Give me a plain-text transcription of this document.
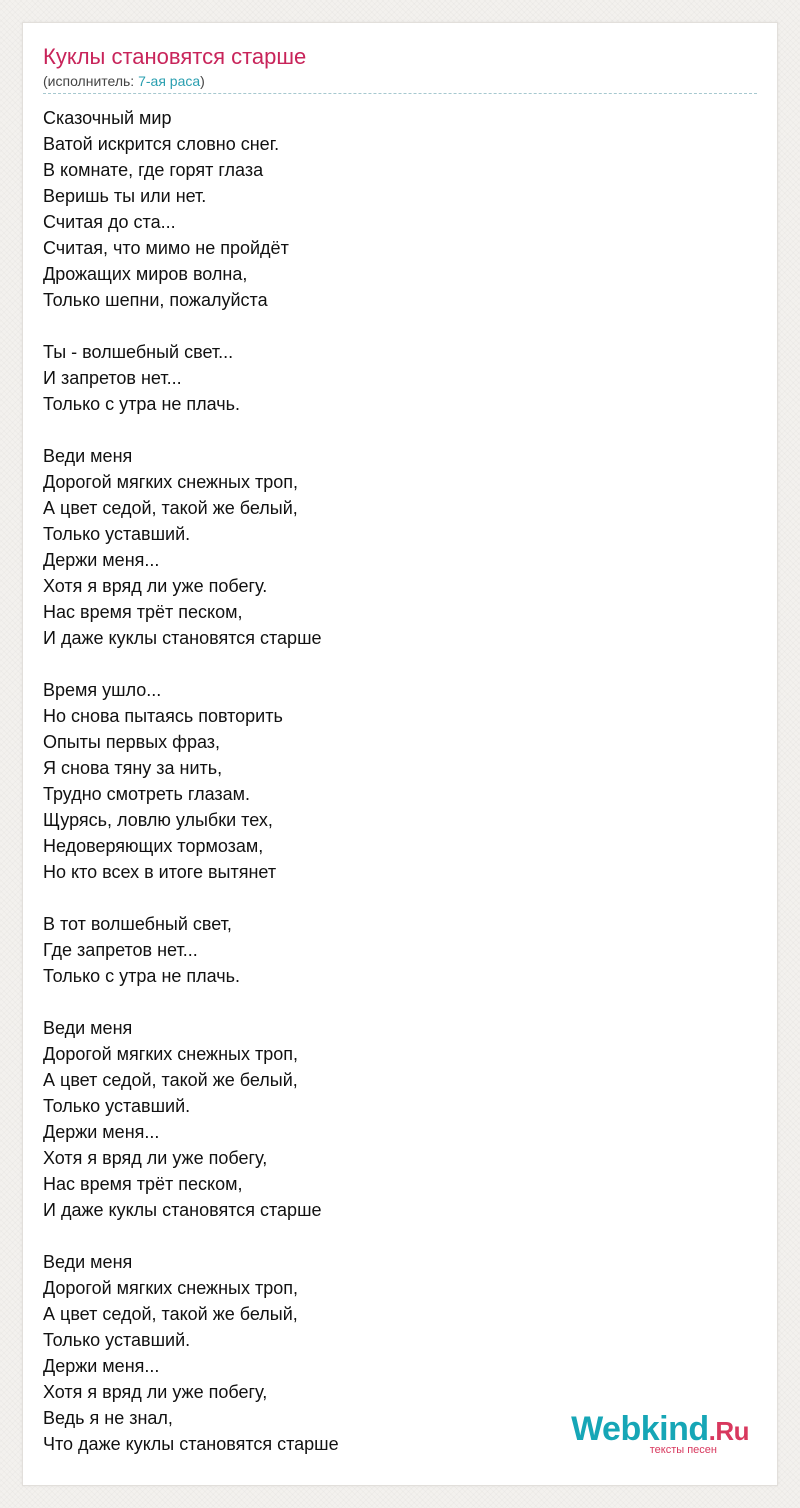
Куклы становятся старше
(исполнитель: 7-ая раса)
Сказочный мир
Ватой искрится словно снег.
В комнате, где горят глаза
Веришь ты или нет.
Считая до ста...
Считая, что мимо не пройдёт
Дрожащих миров волна,
Только шепни, пожалуйста
Ты - волшебный свет...
И запретов нет...
Только с утра не плачь.
Веди меня
Дорогой мягких снежных троп,
А цвет седой, такой же белый,
Только уставший.
Держи меня...
Хотя я вряд ли уже побегу.
Нас время трёт песком,
И даже куклы становятся старше
Время ушло...
Но снова пытаясь повторить
Опыты первых фраз,
Я снова тяну за нить,
Трудно смотреть глазам.
Щурясь, ловлю улыбки тех,
Недоверяющих тормозам,
Но кто всех в итоге вытянет
В тот волшебный свет,
Где запретов нет...
Только с утра не плачь.
Веди меня
Дорогой мягких снежных троп,
А цвет седой, такой же белый,
Только уставший.
Держи меня...
Хотя я вряд ли уже побегу,
Нас время трёт песком,
И даже куклы становятся старше
Веди меня
Дорогой мягких снежных троп,
А цвет седой, такой же белый,
Только уставший.
Держи меня...
Хотя я вряд ли уже побегу,
Ведь я не знал,
Что даже куклы становятся старше	Webkind.Ru
тексты песен
